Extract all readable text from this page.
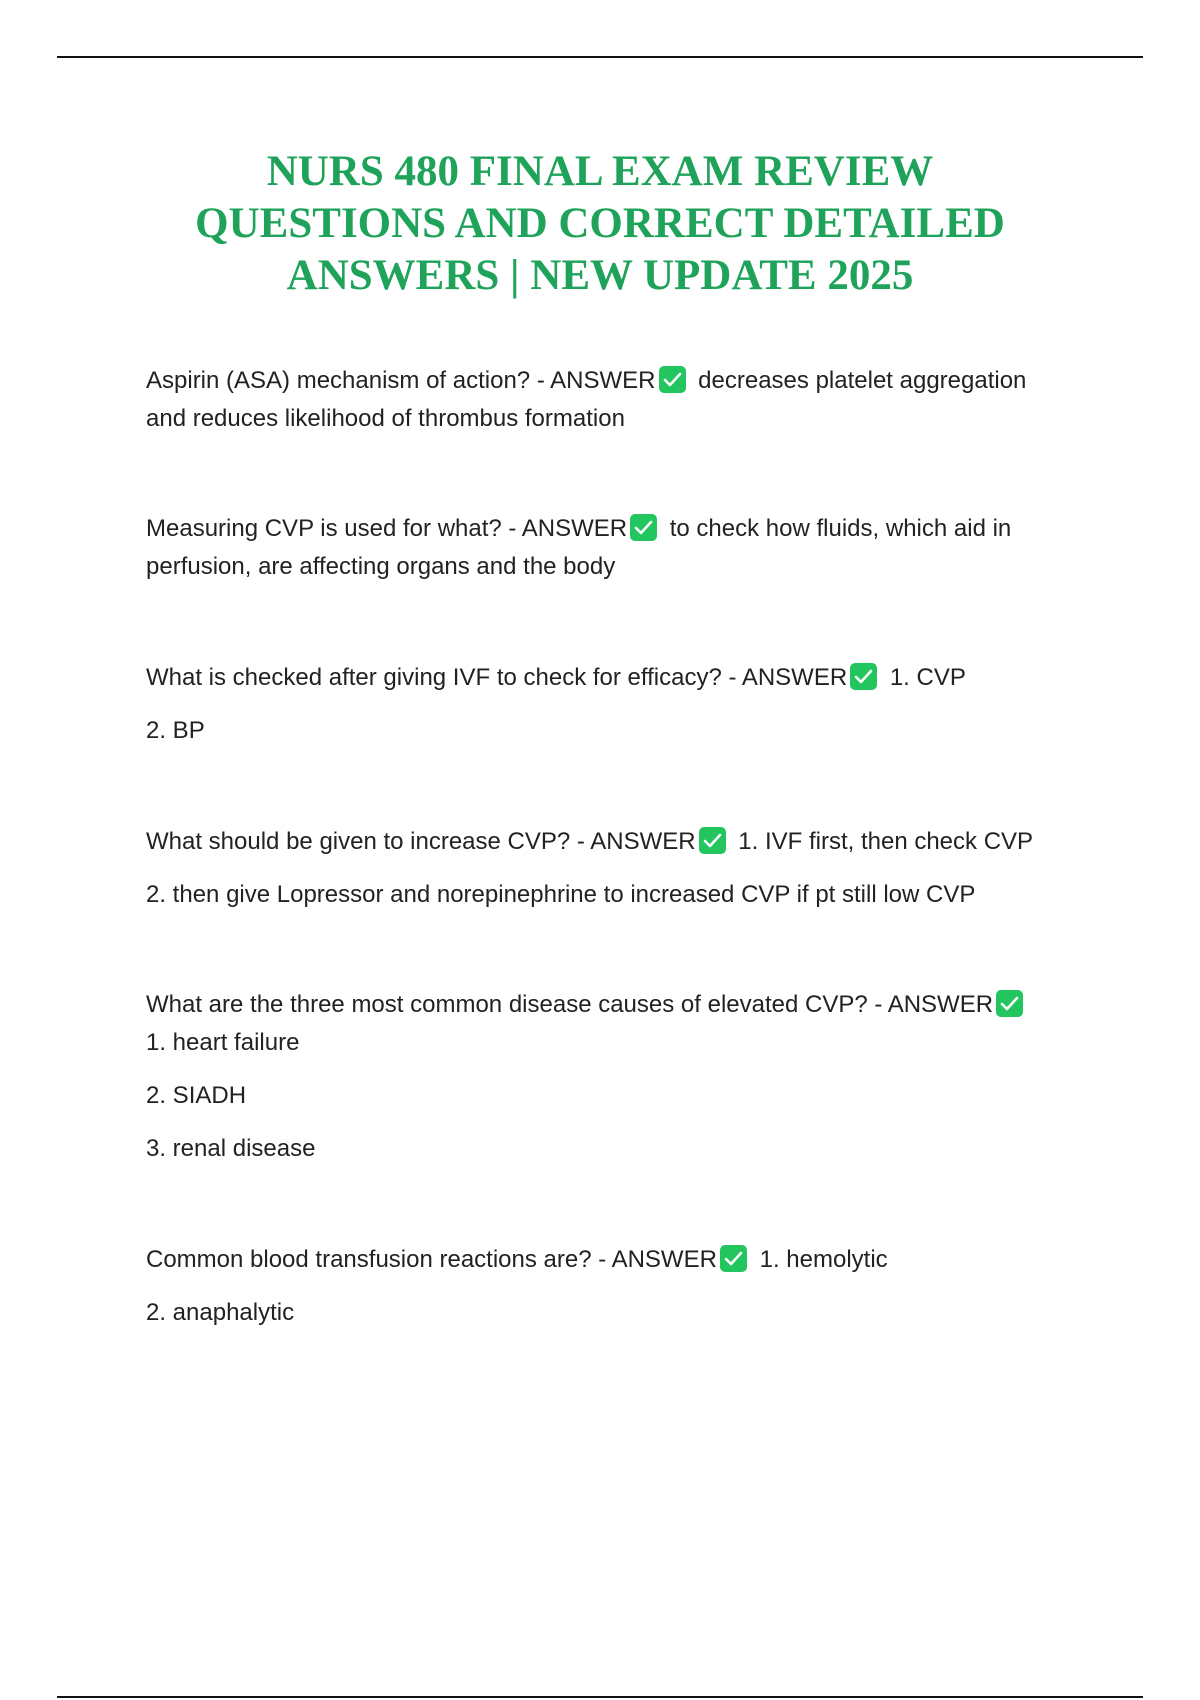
NURS 480 FINAL EXAM REVIEW
QUESTIONS AND CORRECT DETAILED
ANSWERS | NEW UPDATE 2025
Aspirin (ASA) mechanism of action? - ANSWER decreases platelet aggregation
and reduces likelihood of thrombus formation
Measuring CVP is used for what? - ANSWER to check how fluids, which aid in
perfusion, are affecting organs and the body
What is checked after giving IVF to check for efficacy? - ANSWER 1. CVP
2. BP
What should be given to increase CVP? - ANSWER 1. IVF first, then check CVP
2. then give Lopressor and norepinephrine to increased CVP if pt still low CVP
What are the three most common disease causes of elevated CVP? - ANSWER
1. heart failure
2. SIADH
3. renal disease
Common blood transfusion reactions are? - ANSWER 1. hemolytic
2. anaphalytic
